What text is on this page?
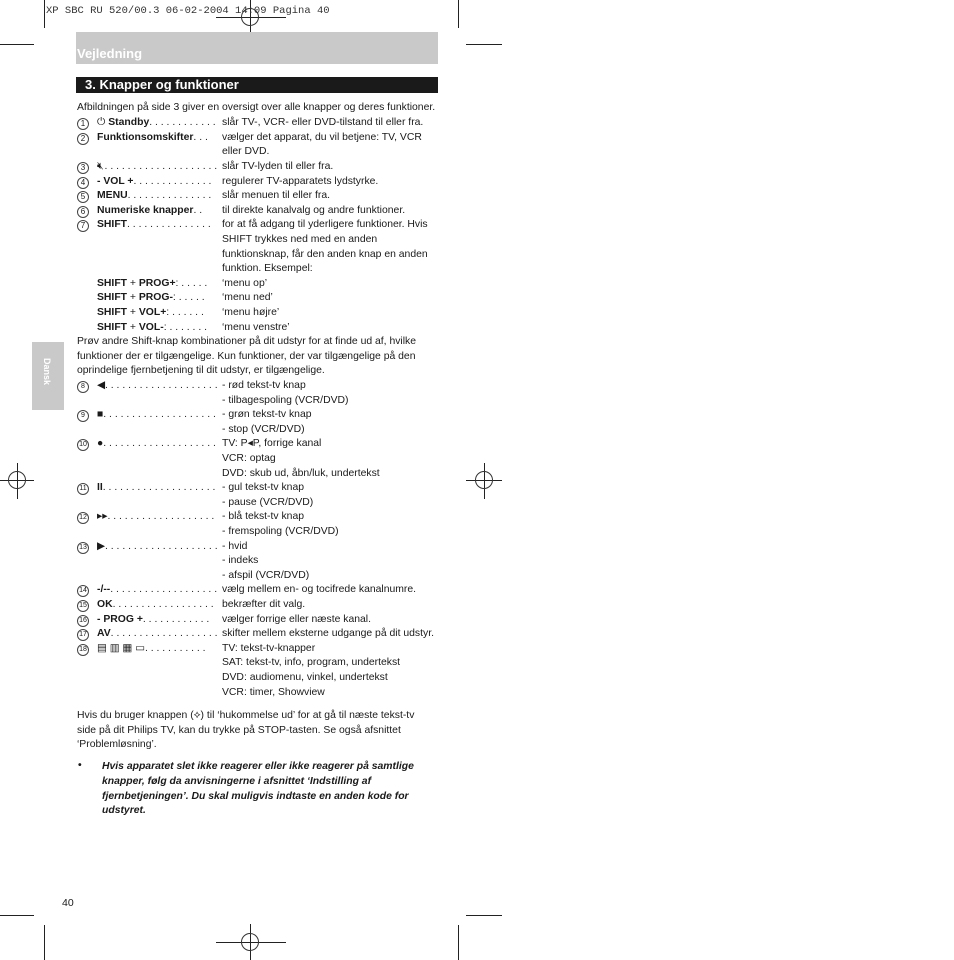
XP SBC RU 520/00.3 06-02-2004 14:09 Pagina 40
Vejledning
3. Knapper og funktioner
Dansk
Afbildningen på side 3 giver en oversigt over alle knapper og deres funktioner.
1	⏻ Standby. . . . . . . . . . . . slår TV-, VCR- eller DVD-tilstand til eller fra.
2	Funktionsomskifter. . . vælger det apparat, du vil betjene: TV, VCR
eller DVD.
3	🔇︎. . . . . . . . . . . . . . . . . . . . slår TV-lyden til eller fra.
4	- VOL +. . . . . . . . . . . . . . regulerer TV-apparatets lydstyrke.
5	MENU. . . . . . . . . . . . . . . slår menuen til eller fra.
6	Numeriske knapper. . til direkte kanalvalg og andre funktioner.
7	SHIFT. . . . . . . . . . . . . . . for at få adgang til yderligere funktioner. Hvis
SHIFT trykkes ned med en anden
funktionsknap, får den anden knap en anden
funktion. Eksempel:
SHIFT + PROG+: . . . . . ‘menu op’
SHIFT + PROG-: . . . . . ‘menu ned’
SHIFT + VOL+: . . . . . . ‘menu højre’
SHIFT + VOL-: . . . . . . . ‘menu venstre’
Prøv andre Shift-knap kombinationer på dit udstyr for at finde ud af, hvilke
funktioner der er tilgængelige. Kun funktioner, der var tilgængelige på den
oprindelige fjernbetjening til dit udstyr, er tilgængelige.
8	◀. . . . . . . . . . . . . . . . . . . . - rød tekst-tv knap
- tilbagespoling (VCR/DVD)
9	■. . . . . . . . . . . . . . . . . . . . - grøn tekst-tv knap
- stop (VCR/DVD)
10 ●. . . . . . . . . . . . . . . . . . . . TV: P◂P, forrige kanal
VCR: optag
DVD: skub ud, åbn/luk, undertekst
11 II. . . . . . . . . . . . . . . . . . . . - gul tekst-tv knap
- pause (VCR/DVD)
12 ▸▸. . . . . . . . . . . . . . . . . . . - blå tekst-tv knap
- fremspoling (VCR/DVD)
13 ▶. . . . . . . . . . . . . . . . . . . . - hvid
- indeks
- afspil (VCR/DVD)
14 -/--. . . . . . . . . . . . . . . . . . . vælg mellem en- og tocifrede kanalnumre.
15 OK. . . . . . . . . . . . . . . . . . bekræfter dit valg.
16 - PROG +. . . . . . . . . . . . vælger forrige eller næste kanal.
17 AV. . . . . . . . . . . . . . . . . . . skifter mellem eksterne udgange på dit udstyr.
18 ▤ ▥ ▦ ▭. . . . . . . . . . . TV: tekst-tv-knapper
SAT: tekst-tv, info, program, undertekst
DVD: audiomenu, vinkel, undertekst
VCR: timer, Showview
Hvis du bruger knappen (⟡) til ‘hukommelse ud’ for at gå til næste tekst-tv
side på dit Philips TV, kan du trykke på STOP-tasten. Se også afsnittet
‘Problemløsning’.
• Hvis apparatet slet ikke reagerer eller ikke reagerer på samtlige knapper, følg da anvisningerne i afsnittet ‘Indstilling af fjernbetjeningen’. Du skal muligvis indtaste en anden kode for udstyret.
40
